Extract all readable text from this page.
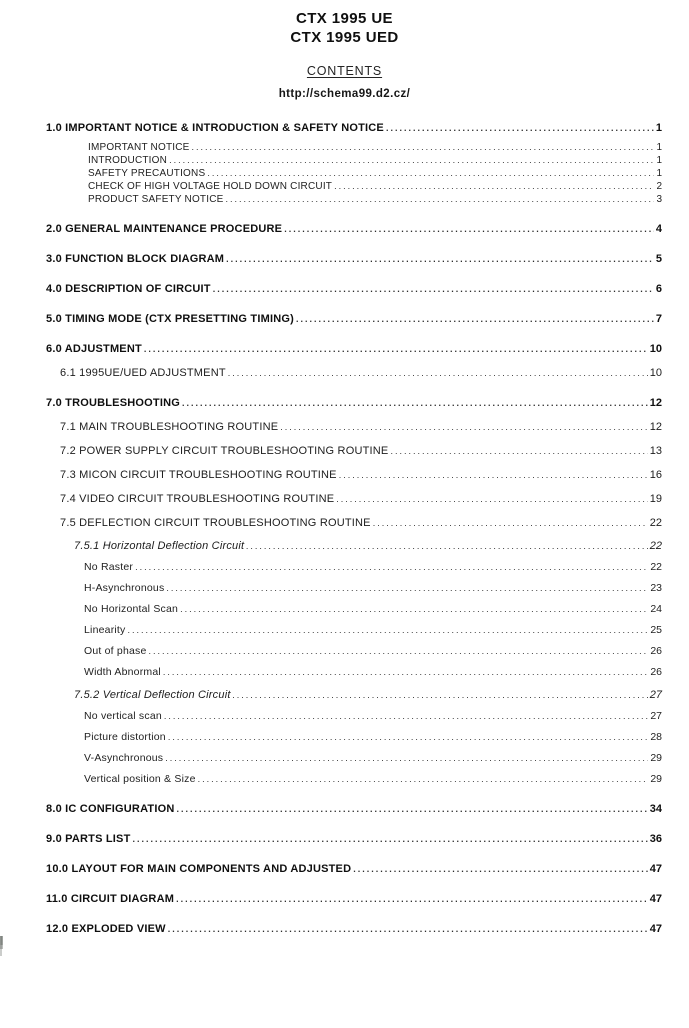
CTX 1995 UE
CTX 1995 UED
CONTENTS
http://schema99.d2.cz/
1.0 IMPORTANT NOTICE & INTRODUCTION & SAFETY NOTICE .....	1
IMPORTANT NOTICE .....	1
INTRODUCTION .....	1
SAFETY PRECAUTIONS .....	1
CHECK OF HIGH VOLTAGE HOLD DOWN CIRCUIT .....	2
PRODUCT SAFETY NOTICE .....	3
2.0 GENERAL MAINTENANCE PROCEDURE .....	4
3.0 FUNCTION BLOCK DIAGRAM .....	5
4.0 DESCRIPTION OF CIRCUIT .....	6
5.0 TIMING MODE (CTX PRESETTING TIMING) .....	7
6.0 ADJUSTMENT .....	10
6.1 1995UE/UED ADJUSTMENT .....	10
7.0 TROUBLESHOOTING .....	12
7.1 MAIN TROUBLESHOOTING ROUTINE .....	12
7.2 POWER SUPPLY CIRCUIT TROUBLESHOOTING ROUTINE .....	13
7.3 MICON CIRCUIT TROUBLESHOOTING ROUTINE .....	16
7.4 VIDEO CIRCUIT TROUBLESHOOTING ROUTINE .....	19
7.5 DEFLECTION CIRCUIT TROUBLESHOOTING ROUTINE .....	22
7.5.1 Horizontal Deflection Circuit .....	22
No Raster .....	22
H-Asynchronous .....	23
No Horizontal Scan .....	24
Linearity .....	25
Out of phase .....	26
Width Abnormal .....	26
7.5.2 Vertical Deflection Circuit .....	27
No vertical scan .....	27
Picture distortion .....	28
V-Asynchronous .....	29
Vertical position & Size .....	29
8.0 IC CONFIGURATION .....	34
9.0 PARTS LIST .....	36
10.0 LAYOUT FOR MAIN COMPONENTS AND ADJUSTED .....	47
11.0 CIRCUIT DIAGRAM .....	47
12.0 EXPLODED VIEW .....	47
